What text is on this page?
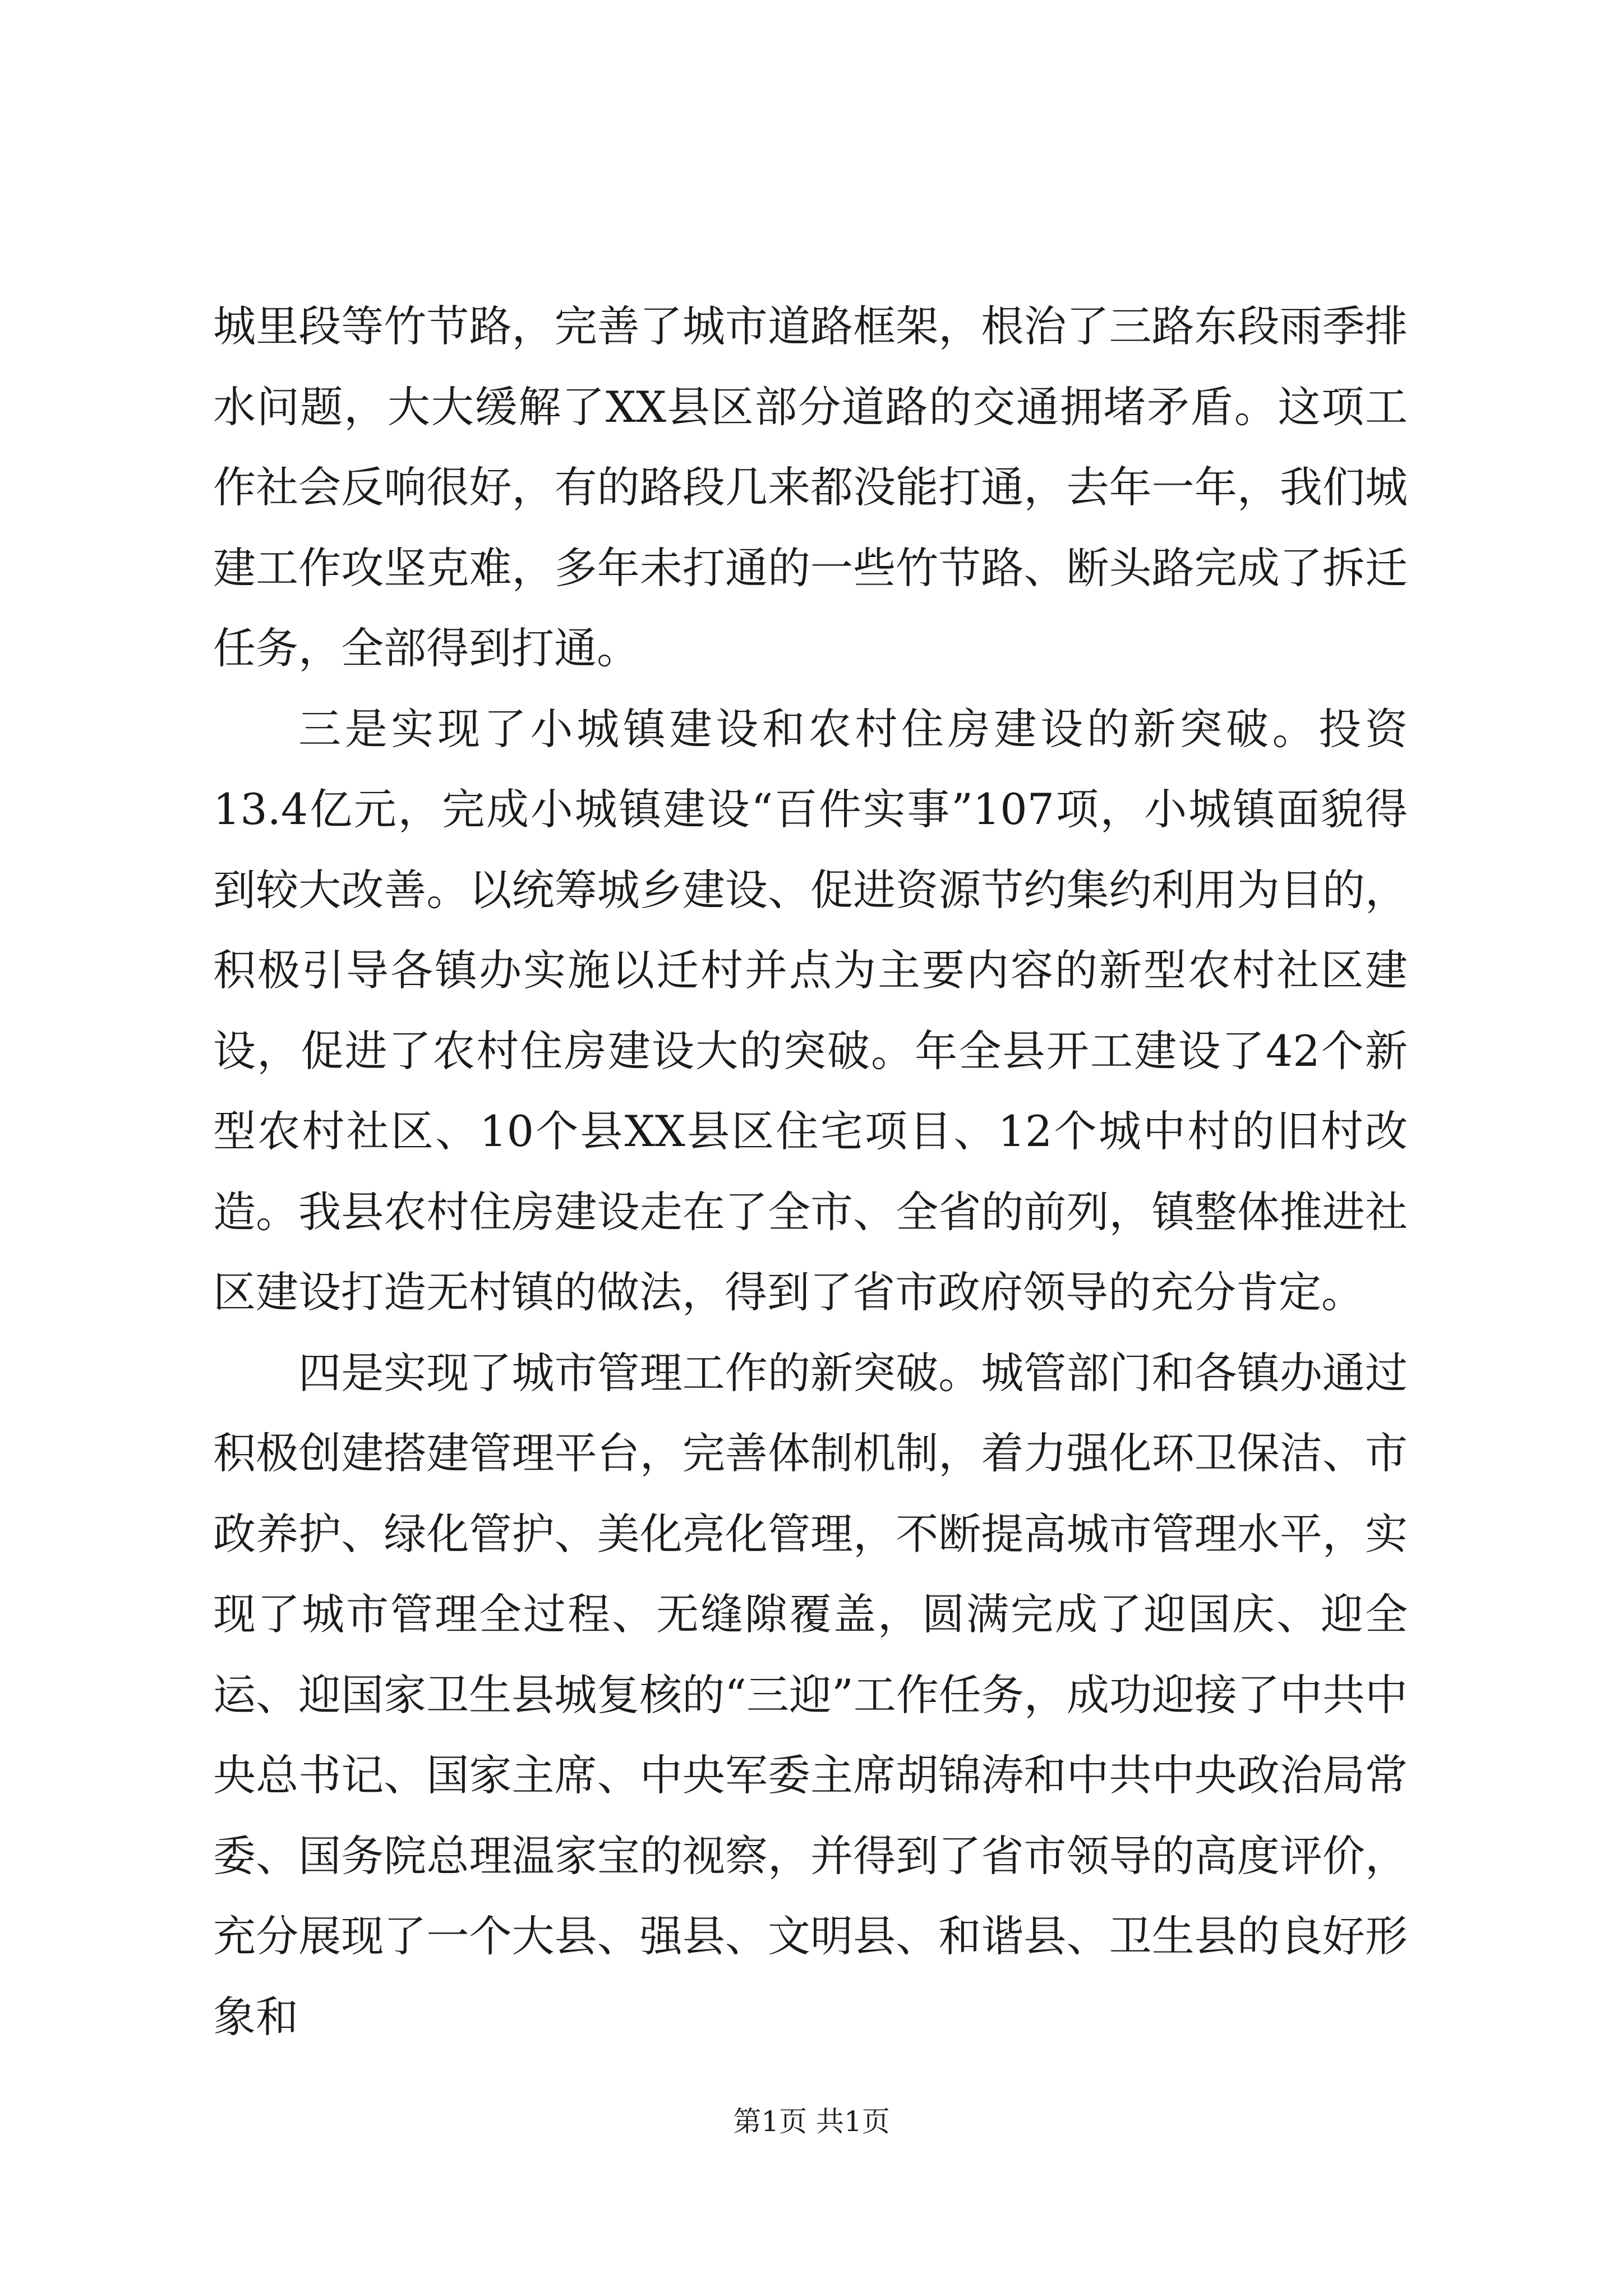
城里段等竹节路，完善了城市道路框架，根治了三路东段雨季排水问题，大大缓解了XX县区部分道路的交通拥堵矛盾。这项工作社会反响很好，有的路段几来都没能打通，去年一年，我们城建工作攻坚克难，多年未打通的一些竹节路、断头路完成了拆迁任务，全部得到打通。

三是实现了小城镇建设和农村住房建设的新突破。投资13.4亿元，完成小城镇建设“百件实事”107项，小城镇面貌得到较大改善。以统筹城乡建设、促进资源节约集约利用为目的，积极引导各镇办实施以迁村并点为主要内容的新型农村社区建设，促进了农村住房建设大的突破。年全县开工建设了42个新型农村社区、10个县XX县区住宅项目、12个城中村的旧村改造。我县农村住房建设走在了全市、全省的前列，镇整体推进社区建设打造无村镇的做法，得到了省市政府领导的充分肯定。

四是实现了城市管理工作的新突破。城管部门和各镇办通过积极创建搭建管理平台，完善体制机制，着力强化环卫保洁、市政养护、绿化管护、美化亮化管理，不断提高城市管理水平，实现了城市管理全过程、无缝隙覆盖，圆满完成了迎国庆、迎全运、迎国家卫生县城复核的“三迎”工作任务，成功迎接了中共中央总书记、国家主席、中央军委主席胡锦涛和中共中央政治局常委、国务院总理温家宝的视察，并得到了省市领导的高度评价，充分展现了一个大县、强县、文明县、和谐县、卫生县的良好形象和

第1页 共1页
